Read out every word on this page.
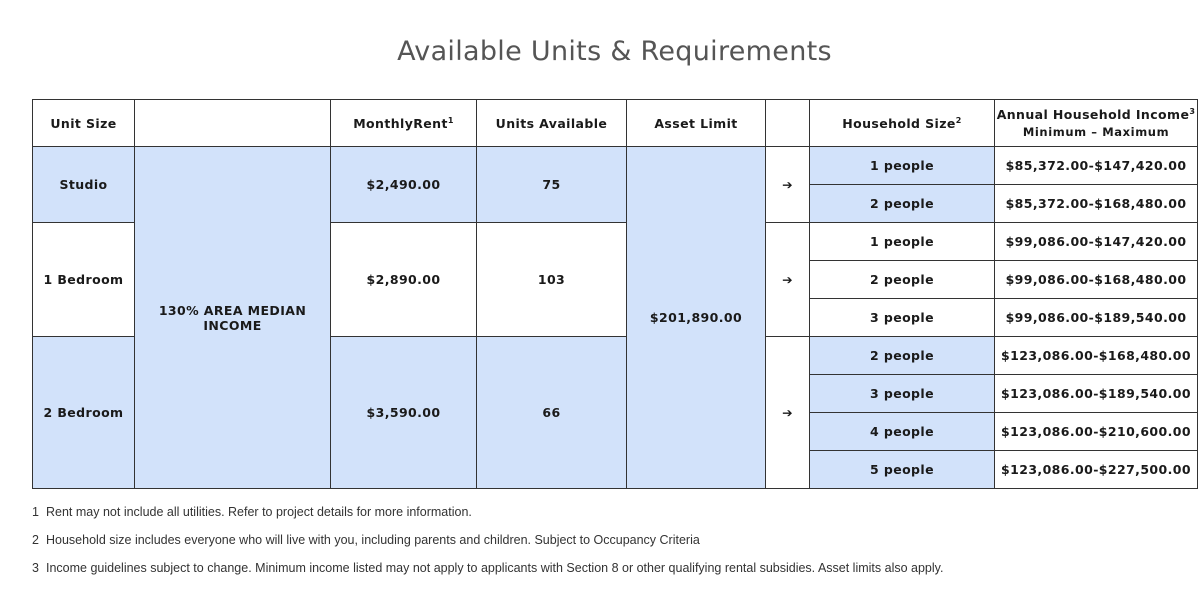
Available Units & Requirements
Unit Size		MonthlyRent$^1$	Units Available	Asset Limit		Household Size$^2$	Annual Household Income$^3$
Minimum – Maximum

Studio	130% AREA MEDIAN INCOME	$2,490.00	75	$201,890.00	➔	1 people	$85,372.00-$147,420.00
						2 people	$85,372.00-$168,480.00
1 Bedroom		$2,890.00	103		➔	1 people	$99,086.00-$147,420.00
						2 people	$99,086.00-$168,480.00
						3 people	$99,086.00-$189,540.00
2 Bedroom		$3,590.00	66		➔	2 people	$123,086.00-$168,480.00
						3 people	$123,086.00-$189,540.00
						4 people	$123,086.00-$210,600.00
						5 people	$123,086.00-$227,500.00
1 Rent may not include all utilities. Refer to project details for more information.
2 Household size includes everyone who will live with you, including parents and children. Subject to Occupancy Criteria
3 Income guidelines subject to change. Minimum income listed may not apply to applicants with Section 8 or other qualifying rental subsidies. Asset limits also apply.
